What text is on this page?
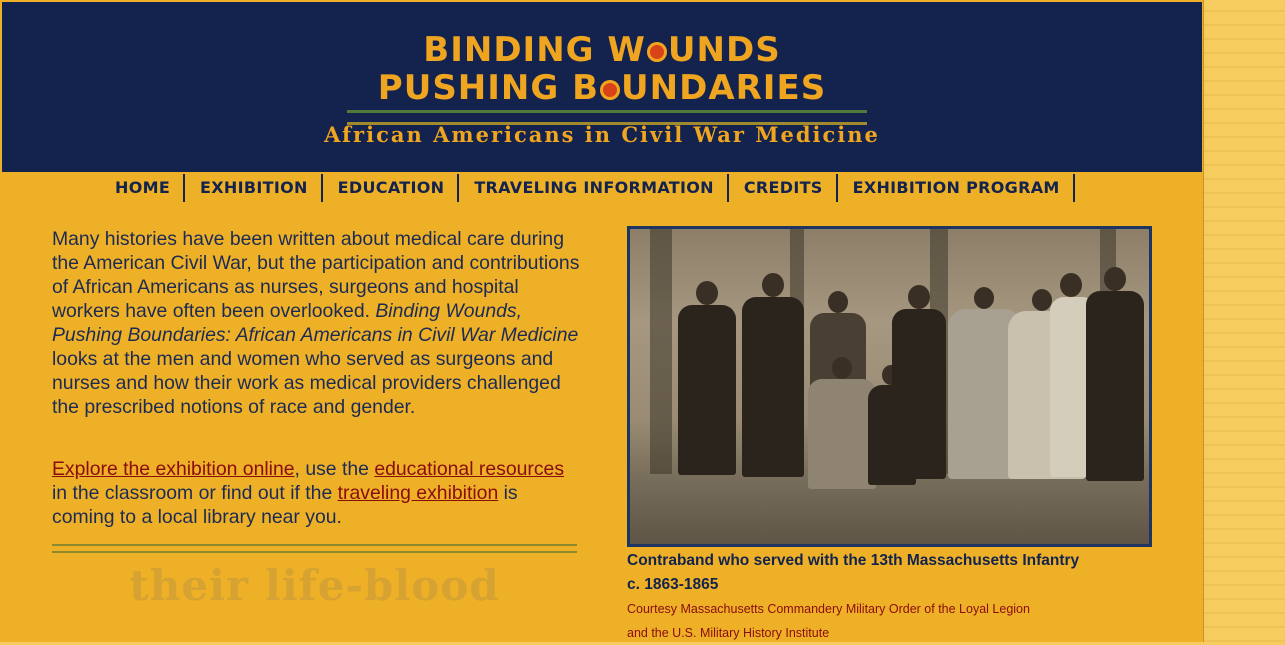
BINDING W UNDS
PUSHING B UNDARIES
African Americans in Civil War Medicine
HOME	EXHIBITION	EDUCATION	TRAVELING INFORMATION	CREDITS	EXHIBITION PROGRAM

Many histories have been written about medical care during the American Civil War, but the participation and contributions of African Americans as nurses, surgeons and hospital workers have often been overlooked. Binding Wounds, Pushing Boundaries: African Americans in Civil War Medicine looks at the men and women who served as surgeons and nurses and how their work as medical providers challenged the prescribed notions of race and gender.

Explore the exhibition online, use the educational resources in the classroom or find out if the traveling exhibition is coming to a local library near you.

their life-blood

Contraband who served with the 13th Massachusetts Infantry
c. 1863-1865

Courtesy Massachusetts Commandery Military Order of the Loyal Legion
and the U.S. Military History Institute
